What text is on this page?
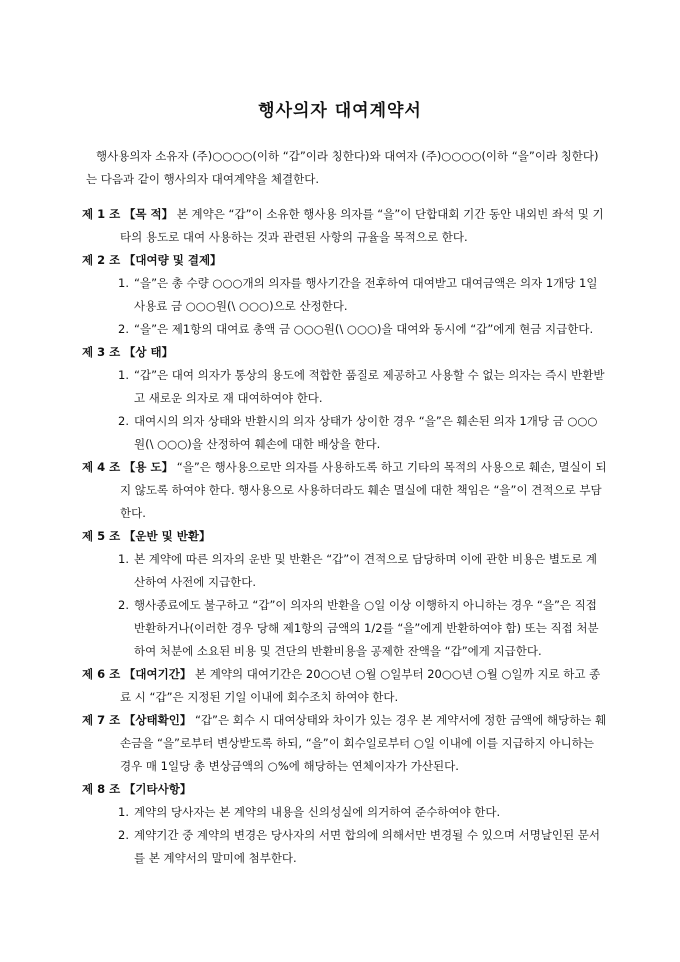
행사의자 대여계약서
행사용의자 소유자 (주)○○○○(이하 “갑”이라 칭한다)와 대여자 (주)○○○○(이하 “을”이라 칭한다)는 다음과 같이 행사의자 대여계약을 체결한다.
제 1 조 【목 적】 본 계약은 “갑”이 소유한 행사용 의자를 “을”이 단합대회 기간 동안 내외빈 좌석 및 기타의 용도로 대여 사용하는 것과 관련된 사항의 규율을 목적으로 한다.
제 2 조 【대여량 및 결제】
1. “을”은 총 수량 ○○○개의 의자를 행사기간을 전후하여 대여받고 대여금액은 의자 1개당 1일 사용료 금 ○○○원(\ ○○○)으로 산정한다.
2. “을”은 제1항의 대여료 총액 금 ○○○원(\ ○○○)을 대여와 동시에 “갑”에게 현금 지급한다.
제 3 조 【상 태】
1. “갑”은 대여 의자가 통상의 용도에 적합한 품질로 제공하고 사용할 수 없는 의자는 즉시 반환받고 새로운 의자로 재 대여하여야 한다.
2. 대여시의 의자 상태와 반환시의 의자 상태가 상이한 경우 “을”은 훼손된 의자 1개당 금 ○○○원(\ ○○○)을 산정하여 훼손에 대한 배상을 한다.
제 4 조 【용 도】 “을”은 행사용으로만 의자를 사용하도록 하고 기타의 목적의 사용으로 훼손, 멸실이 되지 않도록 하여야 한다. 행사용으로 사용하더라도 훼손 멸실에 대한 책임은 “을”이 견적으로 부담한다.
제 5 조 【운반 및 반환】
1. 본 계약에 따른 의자의 운반 및 반환은 “갑”이 견적으로 담당하며 이에 관한 비용은 별도로 계산하여 사전에 지급한다.
2. 행사종료에도 불구하고 “갑”이 의자의 반환을 ○일 이상 이행하지 아니하는 경우 “을”은 직접 반환하거나(이러한 경우 당해 제1항의 금액의 1/2를 “을”에게 반환하여야 함) 또는 직접 처분하여 처분에 소요된 비용 및 견단의 반환비용을 공제한 잔액을 “갑”에게 지급한다.
제 6 조 【대여기간】 본 계약의 대여기간은 20○○년 ○월 ○일부터 20○○년 ○월 ○일까 지로 하고 종료 시 “갑”은 지정된 기일 이내에 회수조치 하여야 한다.
제 7 조 【상태확인】 “갑”은 회수 시 대여상태와 차이가 있는 경우 본 계약서에 정한 금액에 해당하는 훼손금을 “을”로부터 변상받도록 하되, “을”이 회수일로부터 ○일 이내에 이를 지급하지 아니하는 경우 매 1일당 총 변상금액의 ○%에 해당하는 연체이자가 가산된다.
제 8 조 【기타사항】
1. 계약의 당사자는 본 계약의 내용을 신의성실에 의거하여 준수하여야 한다.
2. 계약기간 중 계약의 변경은 당사자의 서면 합의에 의해서만 변경될 수 있으며 서명날인된 문서를 본 계약서의 말미에 첨부한다.
